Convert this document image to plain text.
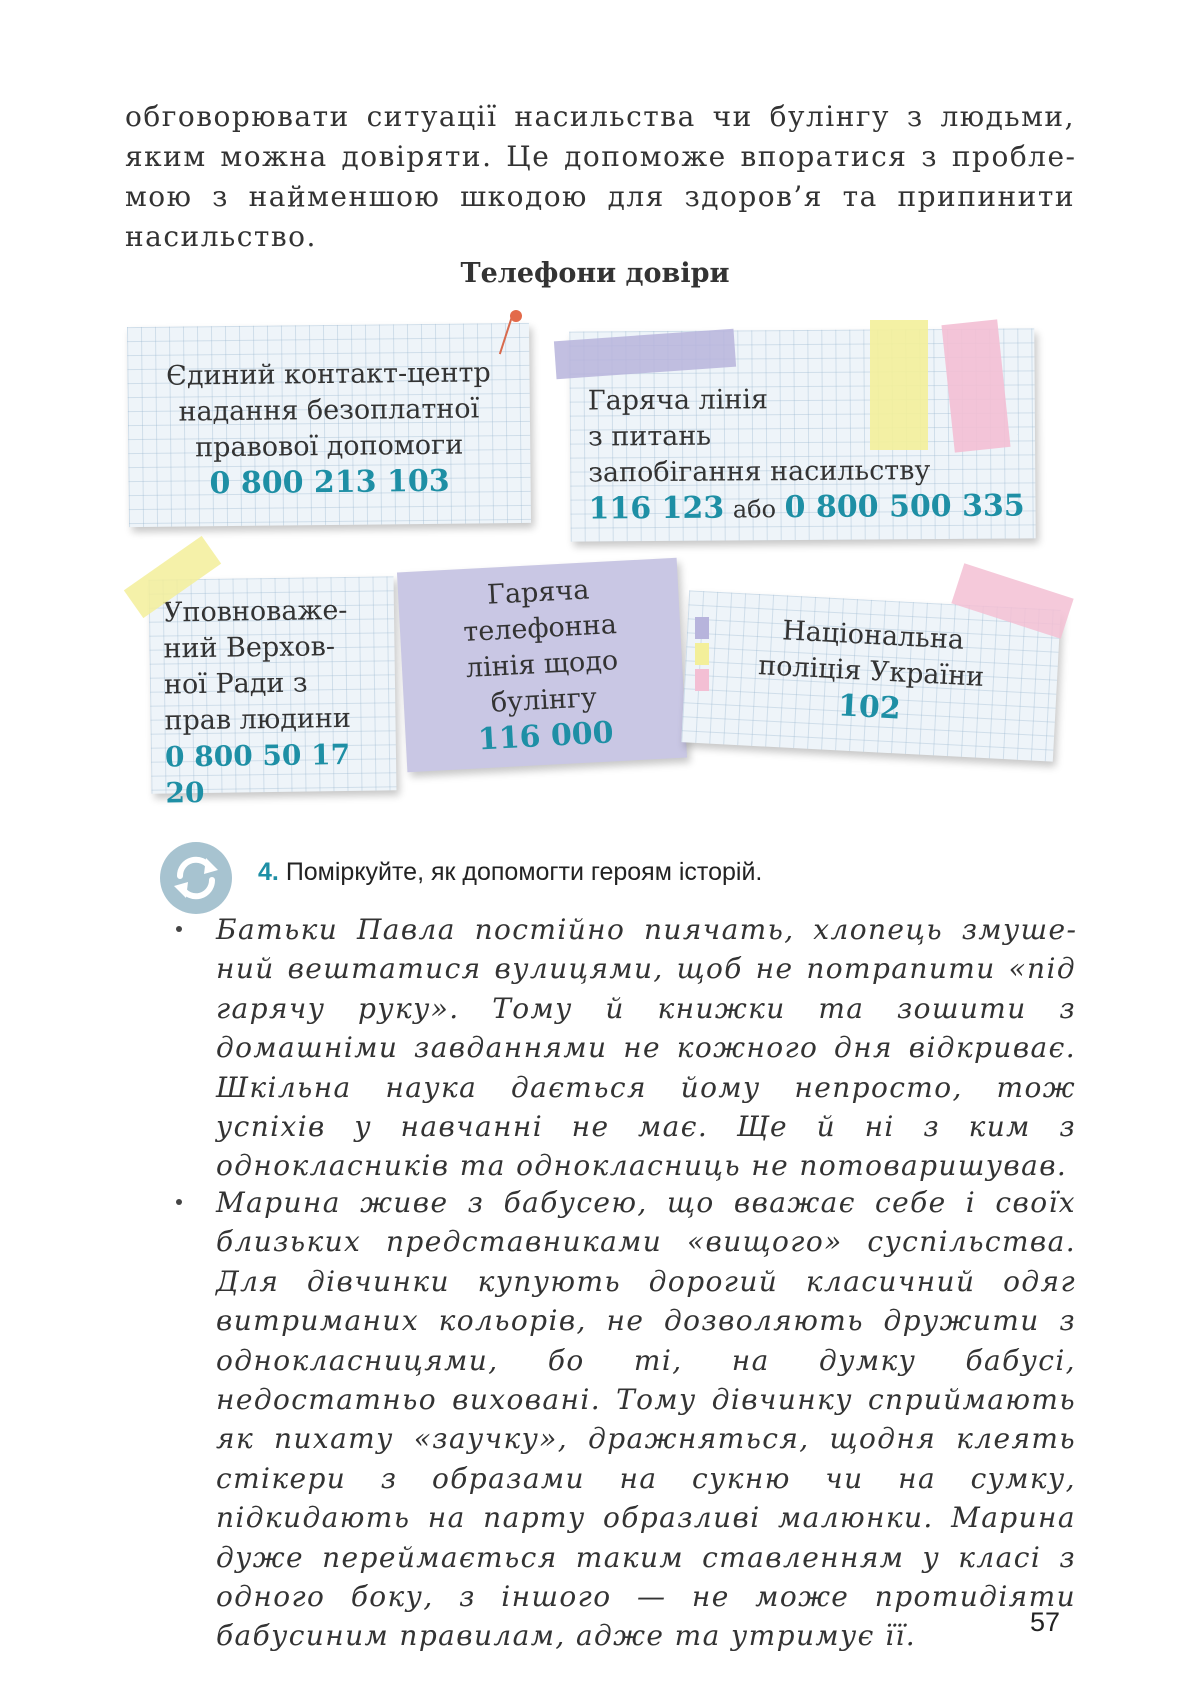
обговорювати ситуації насильства чи булінгу з людьми, яким можна довіряти. Це допоможе впоратися з проблемою з найменшою шкодою для здоров’я та припинити насильство.
Телефони довіри
Єдиний контакт-центр
надання безоплатної
правової допомоги
0 800 213 103
Гаряча лінія
з питань
запобігання насильству
116 123 або 0 800 500 335
Уповноваже-
ний Верхов-
ної Ради з
прав людини
0 800 50 17 20
Гаряча
телефонна
лінія щодо
булінгу
116 000
Національна
поліція України
102
4. Поміркуйте, як допомогти героям історій.
Батьки Павла постійно пиячать, хлопець змушений вештатися вулицями, щоб не потрапити «під гарячу руку». Тому й книжки та зошити з домашніми завданнями не кожного дня відкриває. Шкільна наука дається йому непросто, тож успіхів у навчанні не має. Ще й ні з ким з однокласників та однокласниць не потоваришував.
Марина живе з бабусею, що вважає себе і своїх близьких представниками «вищого» суспільства. Для дівчинки купують дорогий класичний одяг витриманих кольорів, не дозволяють дружити з однокласницями, бо ті, на думку бабусі, недостатньо виховані. Тому дівчинку сприймають як пихату «заучку», дражняться, щодня клеять стікери з образами на сукню чи на сумку, підкидають на парту образливі малюнки. Марина дуже переймається таким ставленням у класі з одного боку, з іншого — не може протидіяти бабусиним правилам, адже та утримує її.	57
